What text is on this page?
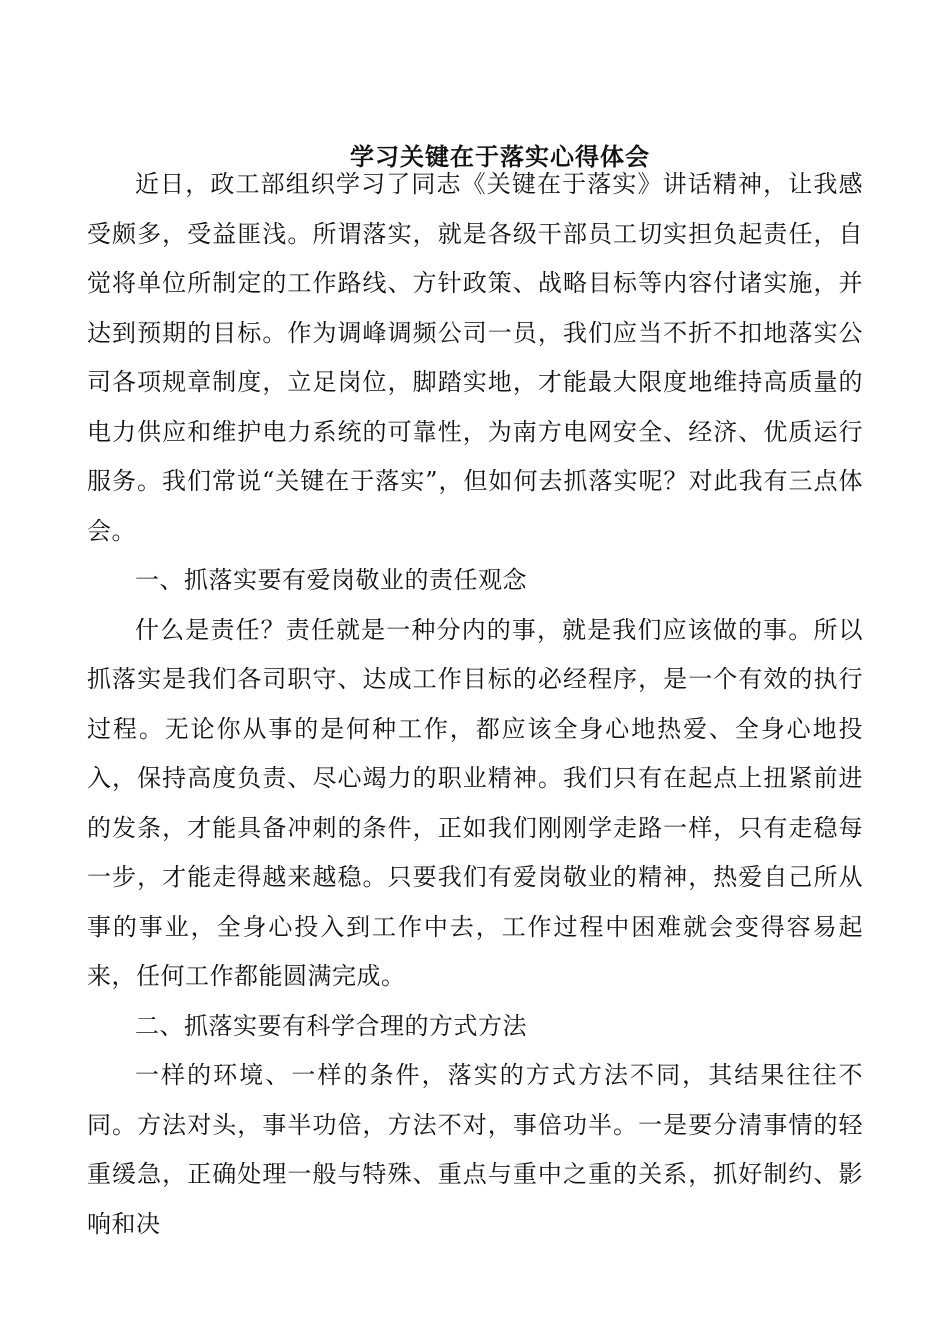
学习关键在于落实心得体会

近日，政工部组织学习了同志《关键在于落实》讲话精神，让我感受颇多，受益匪浅。所谓落实，就是各级干部员工切实担负起责任，自觉将单位所制定的工作路线、方针政策、战略目标等内容付诸实施，并达到预期的目标。作为调峰调频公司一员，我们应当不折不扣地落实公司各项规章制度，立足岗位，脚踏实地，才能最大限度地维持高质量的电力供应和维护电力系统的可靠性，为南方电网安全、经济、优质运行服务。我们常说“关键在于落实”，但如何去抓落实呢？对此我有三点体会。

一、抓落实要有爱岗敬业的责任观念

什么是责任？责任就是一种分内的事，就是我们应该做的事。所以抓落实是我们各司职守、达成工作目标的必经程序，是一个有效的执行过程。无论你从事的是何种工作，都应该全身心地热爱、全身心地投入，保持高度负责、尽心竭力的职业精神。我们只有在起点上扭紧前进的发条，才能具备冲刺的条件，正如我们刚刚学走路一样，只有走稳每一步，才能走得越来越稳。只要我们有爱岗敬业的精神，热爱自己所从事的事业，全身心投入到工作中去，工作过程中困难就会变得容易起来，任何工作都能圆满完成。

二、抓落实要有科学合理的方式方法

一样的环境、一样的条件，落实的方式方法不同，其结果往往不同。方法对头，事半功倍，方法不对，事倍功半。一是要分清事情的轻重缓急，正确处理一般与特殊、重点与重中之重的关系，抓好制约、影响和决
